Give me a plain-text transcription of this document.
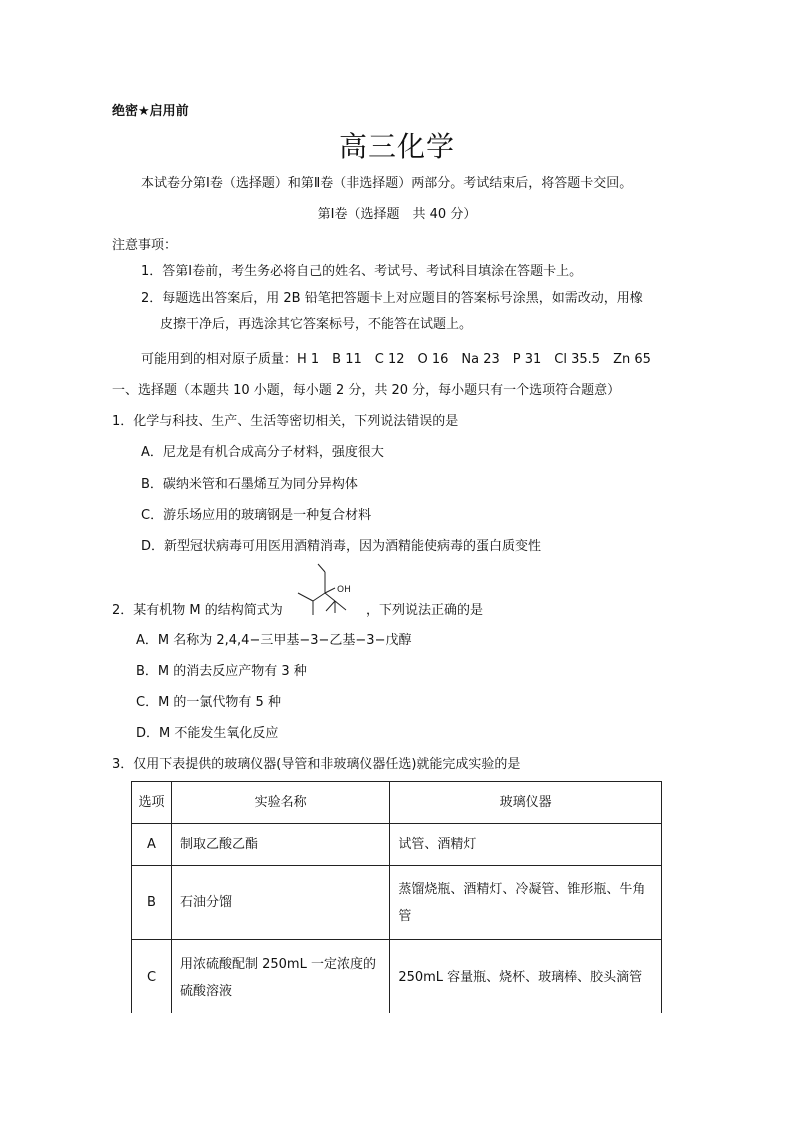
绝密★启用前
高三化学
本试卷分第Ⅰ卷（选择题）和第Ⅱ卷（非选择题）两部分。考试结束后，将答题卡交回。
第Ⅰ卷（选择题　共 40 分）
注意事项：
1．答第Ⅰ卷前，考生务必将自己的姓名、考试号、考试科目填涂在答题卡上。
2．每题选出答案后，用 2B 铅笔把答题卡上对应题目的答案标号涂黑，如需改动，用橡
皮擦干净后，再选涂其它答案标号，不能答在试题上。
可能用到的相对原子质量：H 1　B 11　C 12　O 16　Na 23　P 31　Cl 35.5　Zn 65
一、选择题（本题共 10 小题，每小题 2 分，共 20 分，每小题只有一个选项符合题意）
1．化学与科技、生产、生活等密切相关，下列说法错误的是
A．尼龙是有机合成高分子材料，强度很大
B．碳纳米管和石墨烯互为同分异构体
C．游乐场应用的玻璃钢是一种复合材料
D．新型冠状病毒可用医用酒精消毒，因为酒精能使病毒的蛋白质变性
2．某有机物 M 的结构简式为
OH
，下列说法正确的是
A．M 名称为 2,4,4−三甲基−3−乙基−3−戊醇
B．M 的消去反应产物有 3 种
C．M 的一氯代物有 5 种
D．M 不能发生氧化反应
3．仅用下表提供的玻璃仪器(导管和非玻璃仪器任选)就能完成实验的是
选项	实验名称	玻璃仪器
A	制取乙酸乙酯	试管、酒精灯
B	石油分馏	蒸馏烧瓶、酒精灯、冷凝管、锥形瓶、牛角管
C	用浓硫酸配制 250mL 一定浓度的硫酸溶液	250mL 容量瓶、烧杯、玻璃棒、胶头滴管
